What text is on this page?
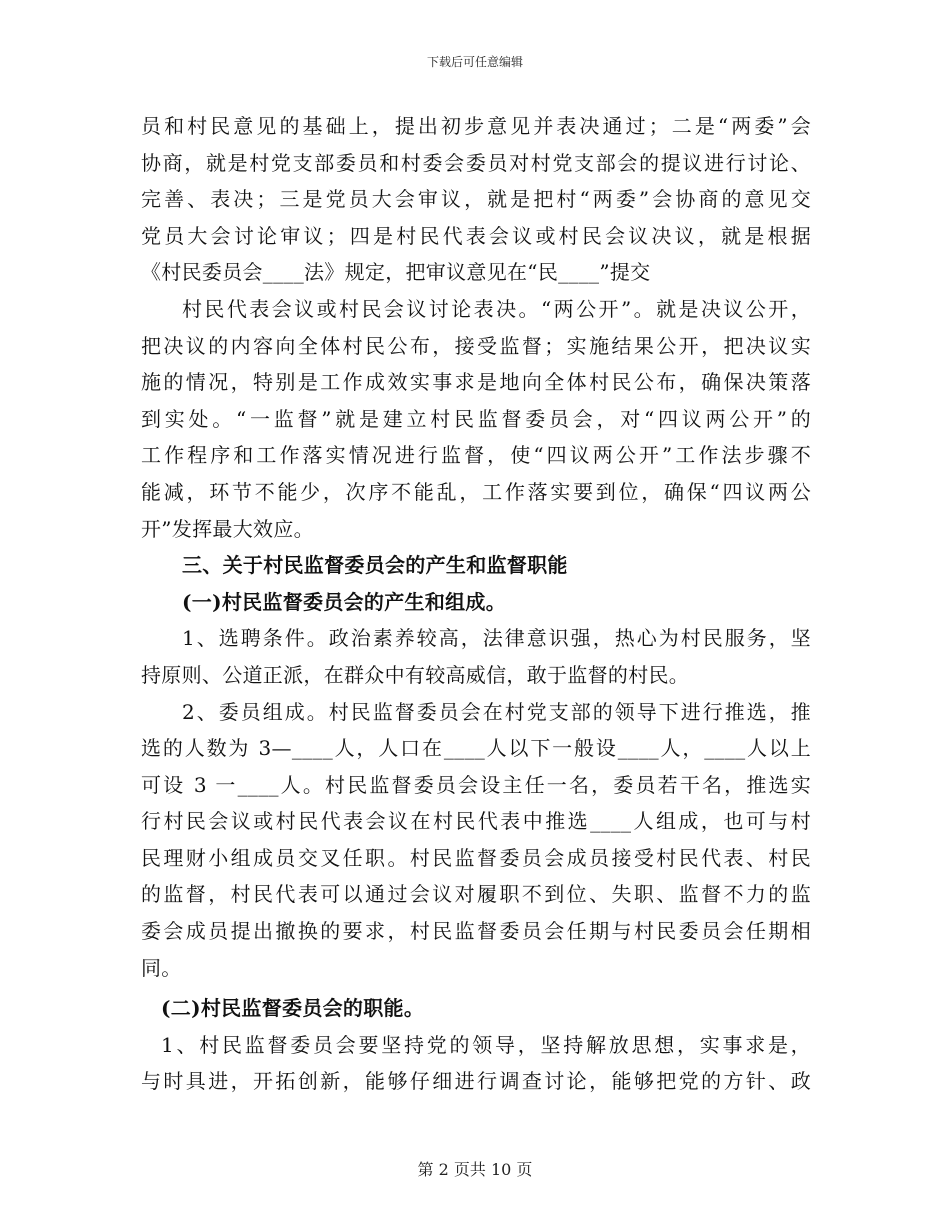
下载后可任意编辑
员和村民意见的基础上，提出初步意见并表决通过；二是“两委”会
协商，就是村党支部委员和村委会委员对村党支部会的提议进行讨论、
完善、表决；三是党员大会审议，就是把村“两委”会协商的意见交
党员大会讨论审议；四是村民代表会议或村民会议决议，就是根据
《村民委员会____法》规定，把审议意见在“民____”提交
村民代表会议或村民会议讨论表决。“两公开”。就是决议公开，
把决议的内容向全体村民公布，接受监督；实施结果公开，把决议实
施的情况，特别是工作成效实事求是地向全体村民公布，确保决策落
到实处。“一监督”就是建立村民监督委员会，对“四议两公开”的
工作程序和工作落实情况进行监督，使“四议两公开”工作法步骤不
能减，环节不能少，次序不能乱，工作落实要到位，确保“四议两公
开”发挥最大效应。
三、关于村民监督委员会的产生和监督职能
(一)村民监督委员会的产生和组成。
1、选聘条件。政治素养较高，法律意识强，热心为村民服务，坚
持原则、公道正派，在群众中有较高威信，敢于监督的村民。
2、委员组成。村民监督委员会在村党支部的领导下进行推选，推
选的人数为 3—____人，人口在____人以下一般设____人，____人以上
可设 3 一____人。村民监督委员会设主任一名，委员若干名，推选实
行村民会议或村民代表会议在村民代表中推选____人组成，也可与村
民理财小组成员交叉任职。村民监督委员会成员接受村民代表、村民
的监督，村民代表可以通过会议对履职不到位、失职、监督不力的监
委会成员提出撤换的要求，村民监督委员会任期与村民委员会任期相
同。
(二)村民监督委员会的职能。
1、村民监督委员会要坚持党的领导，坚持解放思想，实事求是，
与时具进，开拓创新，能够仔细进行调查讨论，能够把党的方针、政
第 2 页共 10 页
